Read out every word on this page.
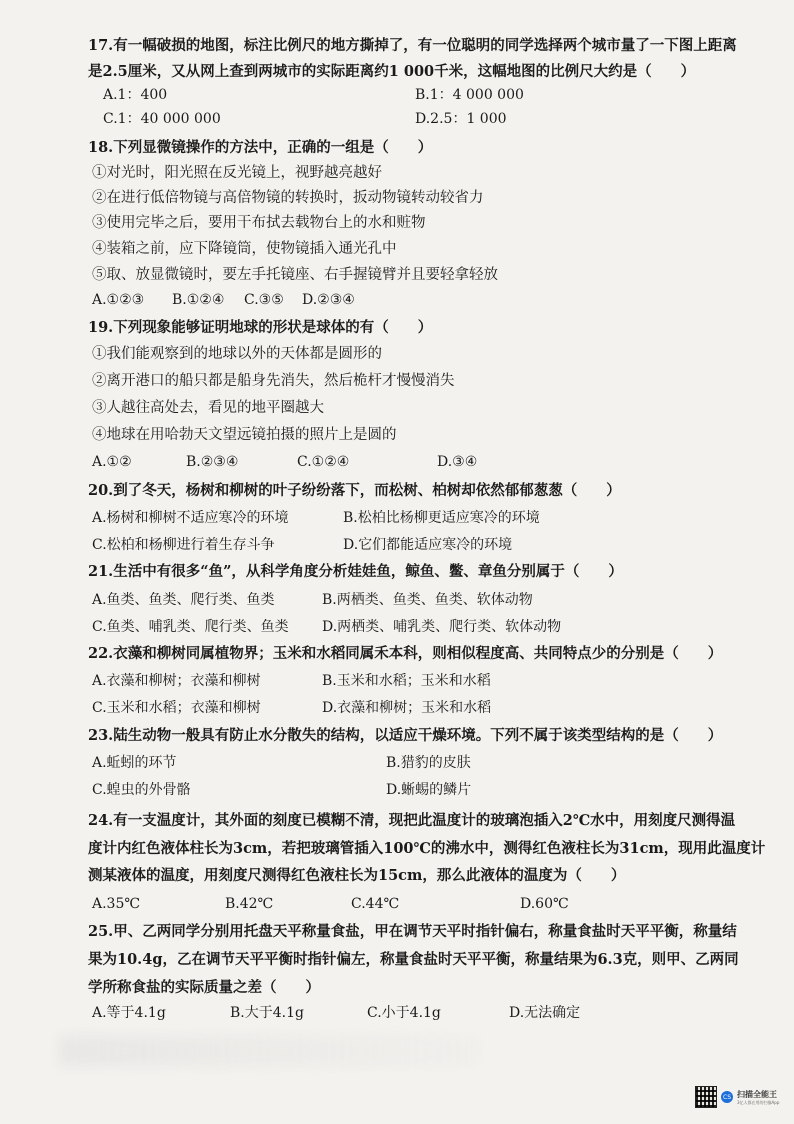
17.有一幅破损的地图，标注比例尺的地方撕掉了，有一位聪明的同学选择两个城市量了一下图上距离
是2.5厘米，又从网上查到两城市的实际距离约1 000千米，这幅地图的比例尺大约是（　　）
A.1：400	B.1：4 000 000
C.1：40 000 000	D.2.5：1 000
18.下列显微镜操作的方法中，正确的一组是（　　）
①对光时，阳光照在反光镜上，视野越亮越好
②在进行低倍物镜与高倍物镜的转换时，扳动物镜转动较省力
③使用完毕之后，要用干布拭去载物台上的水和赃物
④装箱之前，应下降镜筒，使物镜插入通光孔中
⑤取、放显微镜时，要左手托镜座、右手握镜臂并且要轻拿轻放
A.①②③ B.①②④ C.③⑤ D.②③④
19.下列现象能够证明地球的形状是球体的有（　　）
①我们能观察到的地球以外的天体都是圆形的
②离开港口的船只都是船身先消失，然后桅杆才慢慢消失
③人越往高处去，看见的地平圈越大
④地球在用哈勃天文望远镜拍摄的照片上是圆的
A.①②	B.②③④	C.①②④	D.③④
20.到了冬天，杨树和柳树的叶子纷纷落下，而松树、柏树却依然郁郁葱葱（　　）
A.杨树和柳树不适应寒冷的环境	B.松柏比杨柳更适应寒冷的环境
C.松柏和杨柳进行着生存斗争	D.它们都能适应寒冷的环境
21.生活中有很多“鱼”，从科学角度分析娃娃鱼，鲸鱼、鳖、章鱼分别属于（　　）
A.鱼类、鱼类、爬行类、鱼类	B.两栖类、鱼类、鱼类、软体动物
C.鱼类、哺乳类、爬行类、鱼类 D.两栖类、哺乳类、爬行类、软体动物
22.衣藻和柳树同属植物界；玉米和水稻同属禾本科，则相似程度高、共同特点少的分别是（　　）
A.衣藻和柳树；衣藻和柳树	B.玉米和水稻；玉米和水稻
C.玉米和水稻；衣藻和柳树	D.衣藻和柳树；玉米和水稻
23.陆生动物一般具有防止水分散失的结构，以适应干燥环境。下列不属于该类型结构的是（　　）
A.蚯蚓的环节	B.猎豹的皮肤
C.蝗虫的外骨骼	D.蜥蜴的鳞片
24.有一支温度计，其外面的刻度已模糊不清，现把此温度计的玻璃泡插入2℃水中，用刻度尺测得温
度计内红色液体柱长为3cm，若把玻璃管插入100℃的沸水中，测得红色液柱长为31cm，现用此温度计
测某液体的温度，用刻度尺测得红色液柱长为15cm，那么此液体的温度为（　　）
A.35℃	B.42℃	C.44℃	D.60℃
25.甲、乙两同学分别用托盘天平称量食盐，甲在调节天平时指针偏右，称量食盐时天平平衡，称量结
果为10.4g，乙在调节天平平衡时指针偏左，称量食盐时天平平衡，称量结果为6.3克，则甲、乙两同
学所称食盐的实际质量之差（　　）
A.等于4.1g	B.大于4.1g	C.小于4.1g	D.无法确定
CS 扫描全能王
3亿人都在用的扫描App
